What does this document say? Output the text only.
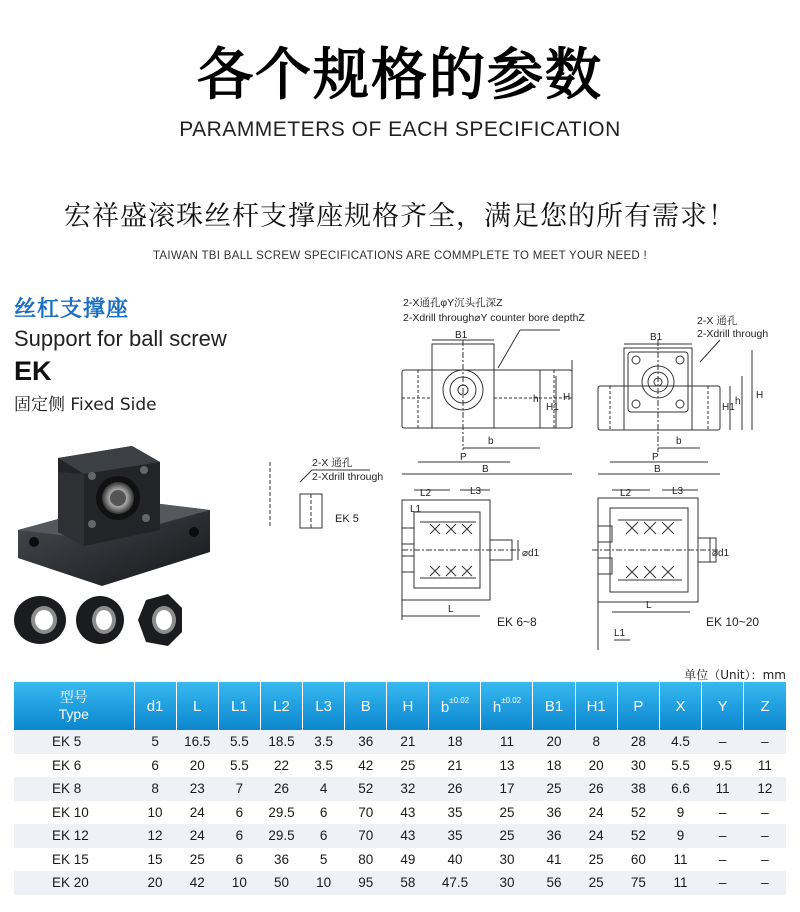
各个规格的参数
PARAMMETERS OF EACH SPECIFICATION
宏祥盛滚珠丝杆支撑座规格齐全，满足您的所有需求！
TAIWAN TBI BALL SCREW SPECIFICATIONS ARE COMMPLETE TO MEET YOUR NEED !
丝杠支撑座
Support for ball screw
EK
固定侧 Fixed Side
2-X通孔φY沉头孔深Z
2-Xdrill through⌀Y counter bore depthZ	2-X 通孔
2-Xdrill through
2-X 通孔
2-Xdrill through
EK 5
EK 6~8	EK 10~20
B1
b
P
B
h
H1
H
B1
b
P
B
H1
h
H
L2	L3
L1
L
⌀d1
L2	L3
L
L1
⌀d1
单位（Unit）：mm
型号
Type	d1	L	L1	L2	L3	B	H	$b^{\pm 0.02}$	$h^{\pm 0.02}$	B1	H1	P	X	Y	Z
EK 5	5	16.5	5.5	18.5	3.5	36	21	18	11	20	8	28	4.5	–	–
EK 6	6	20	5.5	22	3.5	42	25	21	13	18	20	30	5.5	9.5	11
EK 8	8	23	7	26	4	52	32	26	17	25	26	38	6.6	11	12
EK 10	10	24	6	29.5	6	70	43	35	25	36	24	52	9	–	–
EK 12	12	24	6	29.5	6	70	43	35	25	36	24	52	9	–	–
EK 15	15	25	6	36	5	80	49	40	30	41	25	60	11	–	–
EK 20	20	42	10	50	10	95	58	47.5	30	56	25	75	11	–	–
